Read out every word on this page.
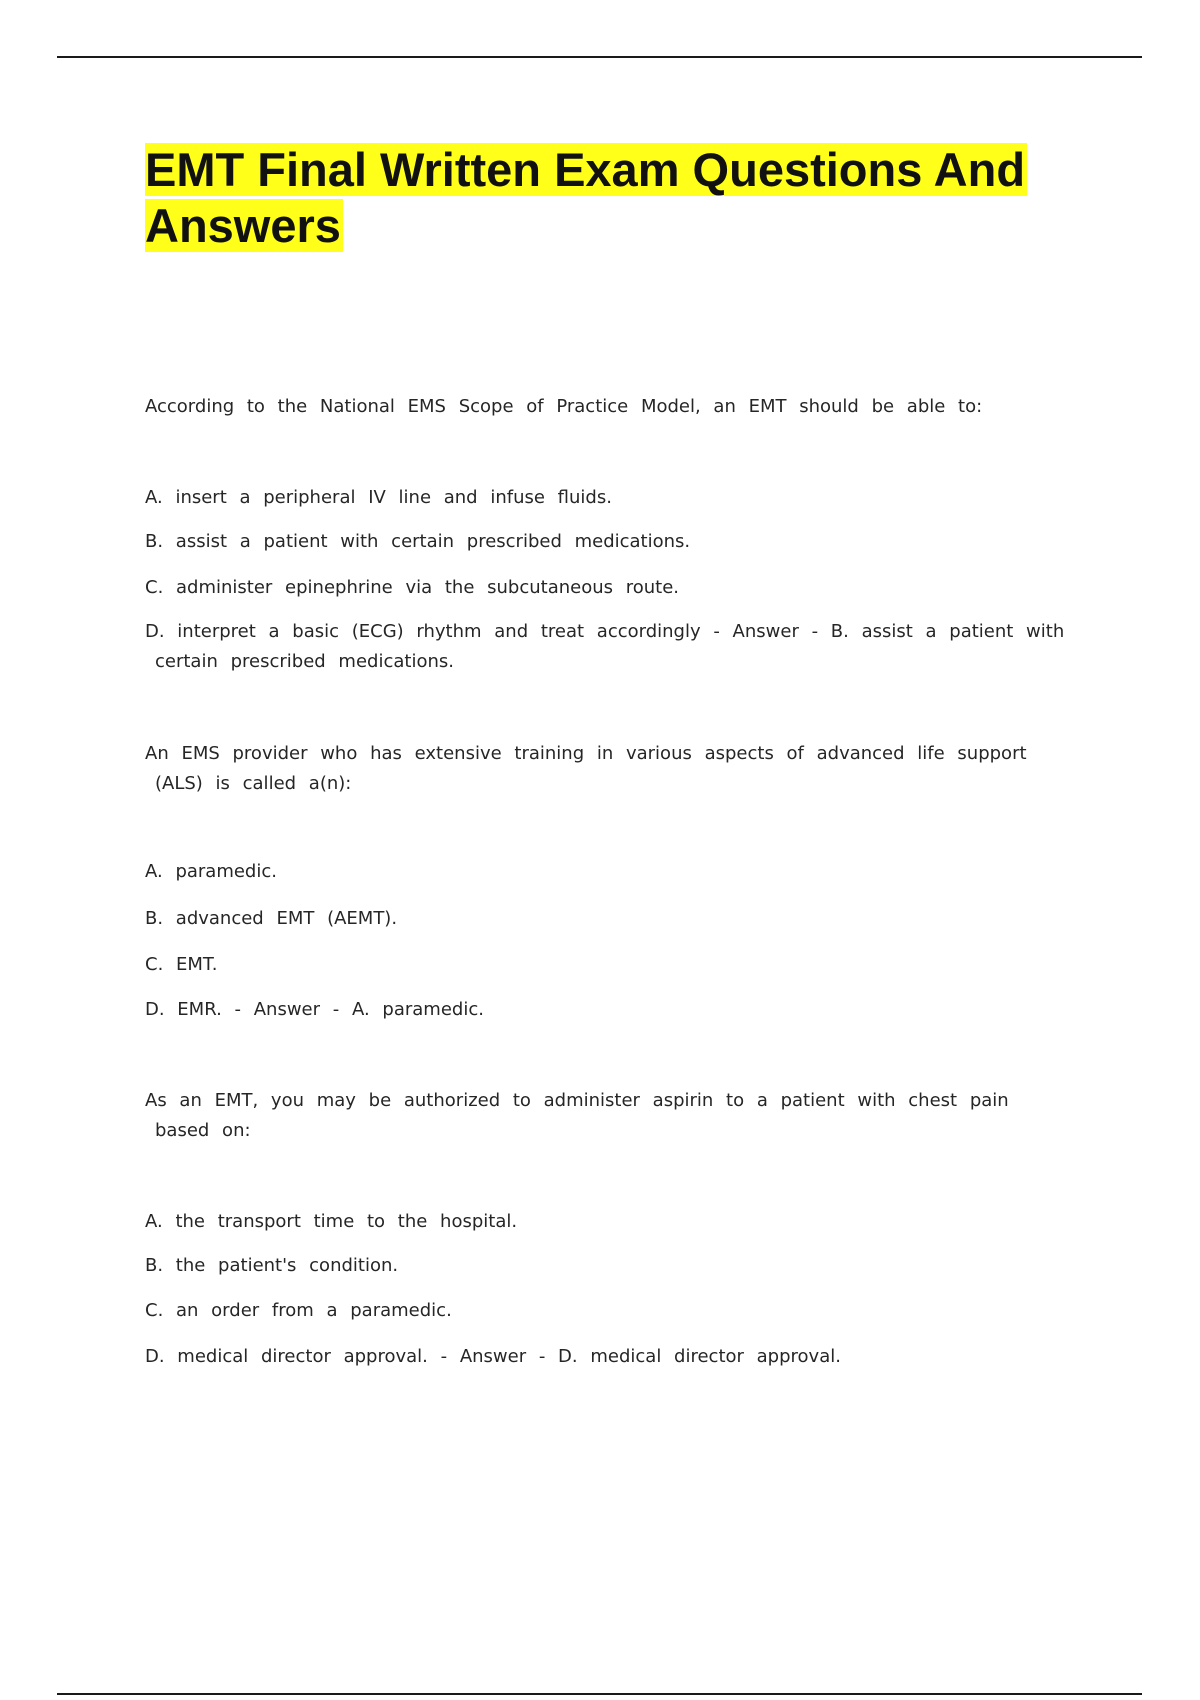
EMT Final Written Exam Questions And
Answers

According to the National EMS Scope of Practice Model, an EMT should be able to:

A. insert a peripheral IV line and infuse fluids.

B. assist a patient with certain prescribed medications.

C. administer epinephrine via the subcutaneous route.

D. interpret a basic (ECG) rhythm and treat accordingly - Answer - B. assist a patient with
certain prescribed medications.

An EMS provider who has extensive training in various aspects of advanced life support
(ALS) is called a(n):

A. paramedic.

B. advanced EMT (AEMT).

C. EMT.

D. EMR. - Answer - A. paramedic.

As an EMT, you may be authorized to administer aspirin to a patient with chest pain
based on:

A. the transport time to the hospital.

B. the patient's condition.

C. an order from a paramedic.

D. medical director approval. - Answer - D. medical director approval.
